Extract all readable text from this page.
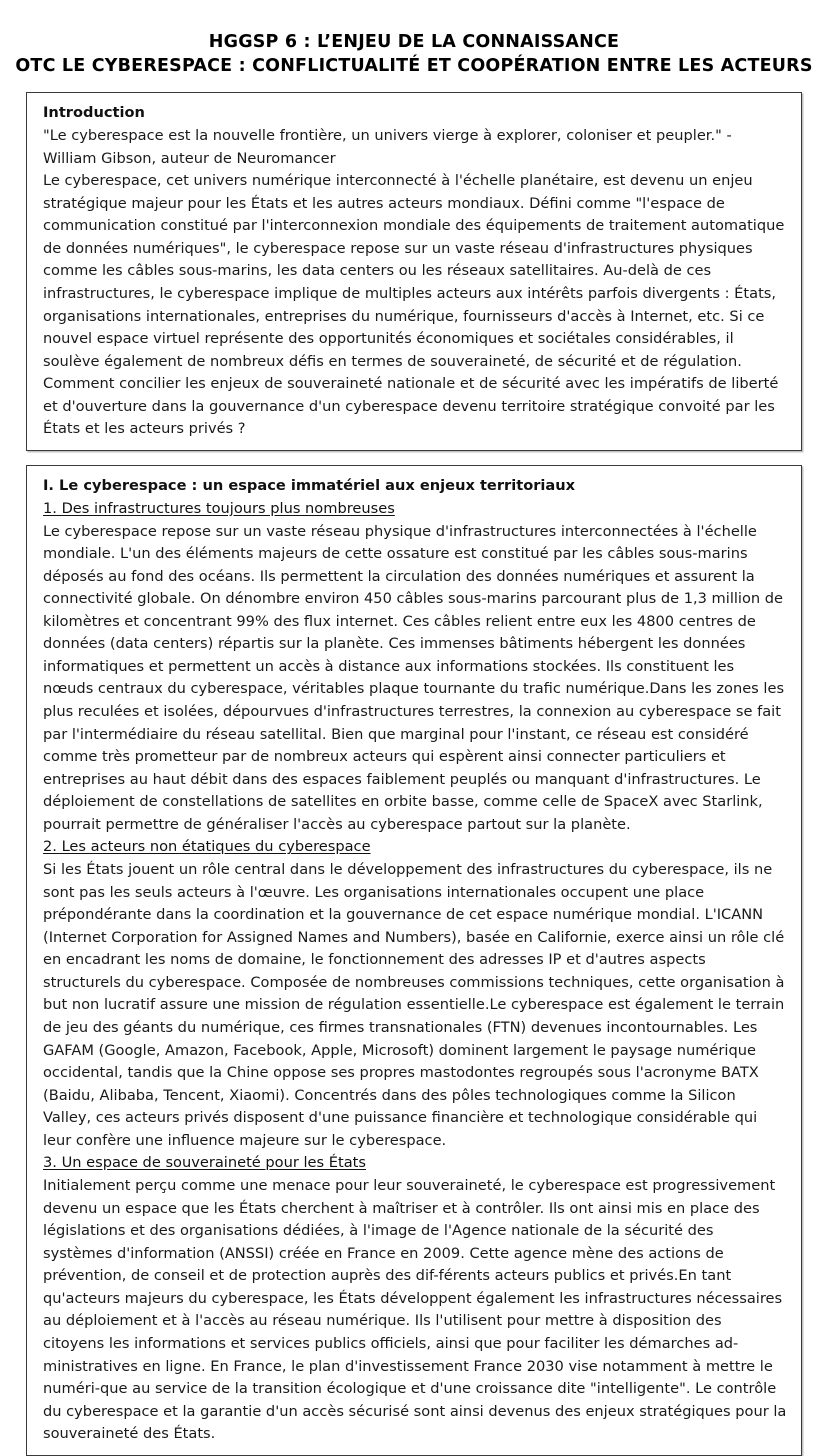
HGGSP 6 : L’ENJEU DE LA CONNAISSANCE
OTC LE CYBERESPACE : CONFLICTUALITÉ ET COOPÉRATION ENTRE LES ACTEURS
Introduction

"Le cyberespace est la nouvelle frontière, un univers vierge à explorer, coloniser et peupler." - William Gibson, auteur de Neuromancer

Le cyberespace, cet univers numérique interconnecté à l'échelle planétaire, est devenu un enjeu stratégique majeur pour les États et les autres acteurs mondiaux. Défini comme "l'espace de communication constitué par l'interconnexion mondiale des équipements de traitement automatique de données numériques", le cyberespace repose sur un vaste réseau d'infrastructures physiques comme les câbles sous-marins, les data centers ou les réseaux satellitaires. Au-delà de ces infrastructures, le cyberespace implique de multiples acteurs aux intérêts parfois divergents : États, organisations internationales, entreprises du numérique, fournisseurs d'accès à Internet, etc. Si ce nouvel espace virtuel représente des opportunités économiques et sociétales considérables, il soulève également de nombreux défis en termes de souveraineté, de sécurité et de régulation.

Comment concilier les enjeux de souveraineté nationale et de sécurité avec les impératifs de liberté et d'ouverture dans la gouvernance d'un cyberespace devenu territoire stratégique convoité par les États et les acteurs privés ?

I. Le cyberespace : un espace immatériel aux enjeux territoriaux
1. Des infrastructures toujours plus nombreuses

Le cyberespace repose sur un vaste réseau physique d'infrastructures interconnectées à l'échelle mondiale. L'un des éléments majeurs de cette ossature est constitué par les câbles sous-marins déposés au fond des océans. Ils permettent la circulation des données numériques et assurent la connectivité globale. On dénombre environ 450 câbles sous-marins parcourant plus de 1,3 million de kilomètres et concentrant 99% des flux internet. Ces câbles relient entre eux les 4800 centres de données (data centers) répartis sur la planète. Ces immenses bâtiments hébergent les données informatiques et permettent un accès à distance aux informations stockées. Ils constituent les nœuds centraux du cyberespace, véritables plaque tournante du trafic numérique.Dans les zones les plus reculées et isolées, dépourvues d'infrastructures terrestres, la connexion au cyberespace se fait par l'intermédiaire du réseau satellital. Bien que marginal pour l'instant, ce réseau est considéré comme très prometteur par de nombreux acteurs qui espèrent ainsi connecter particuliers et entreprises au haut débit dans des espaces faiblement peuplés ou manquant d'infrastructures. Le déploiement de constellations de satellites en orbite basse, comme celle de SpaceX avec Starlink, pourrait permettre de généraliser l'accès au cyberespace partout sur la planète.

2. Les acteurs non étatiques du cyberespace

Si les États jouent un rôle central dans le développement des infrastructures du cyberespace, ils ne sont pas les seuls acteurs à l'œuvre. Les organisations internationales occupent une place prépondérante dans la coordination et la gouvernance de cet espace numérique mondial. L'ICANN (Internet Corporation for Assigned Names and Numbers), basée en Californie, exerce ainsi un rôle clé en encadrant les noms de domaine, le fonctionnement des adresses IP et d'autres aspects structurels du cyberespace. Composée de nombreuses commissions techniques, cette organisation à but non lucratif assure une mission de régulation essentielle.Le cyberespace est également le terrain de jeu des géants du numérique, ces firmes transnationales (FTN) devenues incontournables. Les GAFAM (Google, Amazon, Facebook, Apple, Microsoft) dominent largement le paysage numérique occidental, tandis que la Chine oppose ses propres mastodontes regroupés sous l'acronyme BATX (Baidu, Alibaba, Tencent, Xiaomi). Concentrés dans des pôles technologiques comme la Silicon Valley, ces acteurs privés disposent d'une puissance financière et technologique considérable qui leur confère une influence majeure sur le cyberespace.

3. Un espace de souveraineté pour les États

Initialement perçu comme une menace pour leur souveraineté, le cyberespace est progressivement devenu un espace que les États cherchent à maîtriser et à contrôler. Ils ont ainsi mis en place des législations et des organisations dédiées, à l'image de l'Agence nationale de la sécurité des systèmes d'information (ANSSI) créée en France en 2009. Cette agence mène des actions de prévention, de conseil et de protection auprès des dif-férents acteurs publics et privés.En tant qu'acteurs majeurs du cyberespace, les États développent également les infrastructures nécessaires au déploiement et à l'accès au réseau numérique. Ils l'utilisent pour mettre à disposition des citoyens les informations et services publics officiels, ainsi que pour faciliter les démarches ad-ministratives en ligne. En France, le plan d'investissement France 2030 vise notamment à mettre le numéri-que au service de la transition écologique et d'une croissance dite "intelligente". Le contrôle du cyberespace et la garantie d'un accès sécurisé sont ainsi devenus des enjeux stratégiques pour la souveraineté des États.
